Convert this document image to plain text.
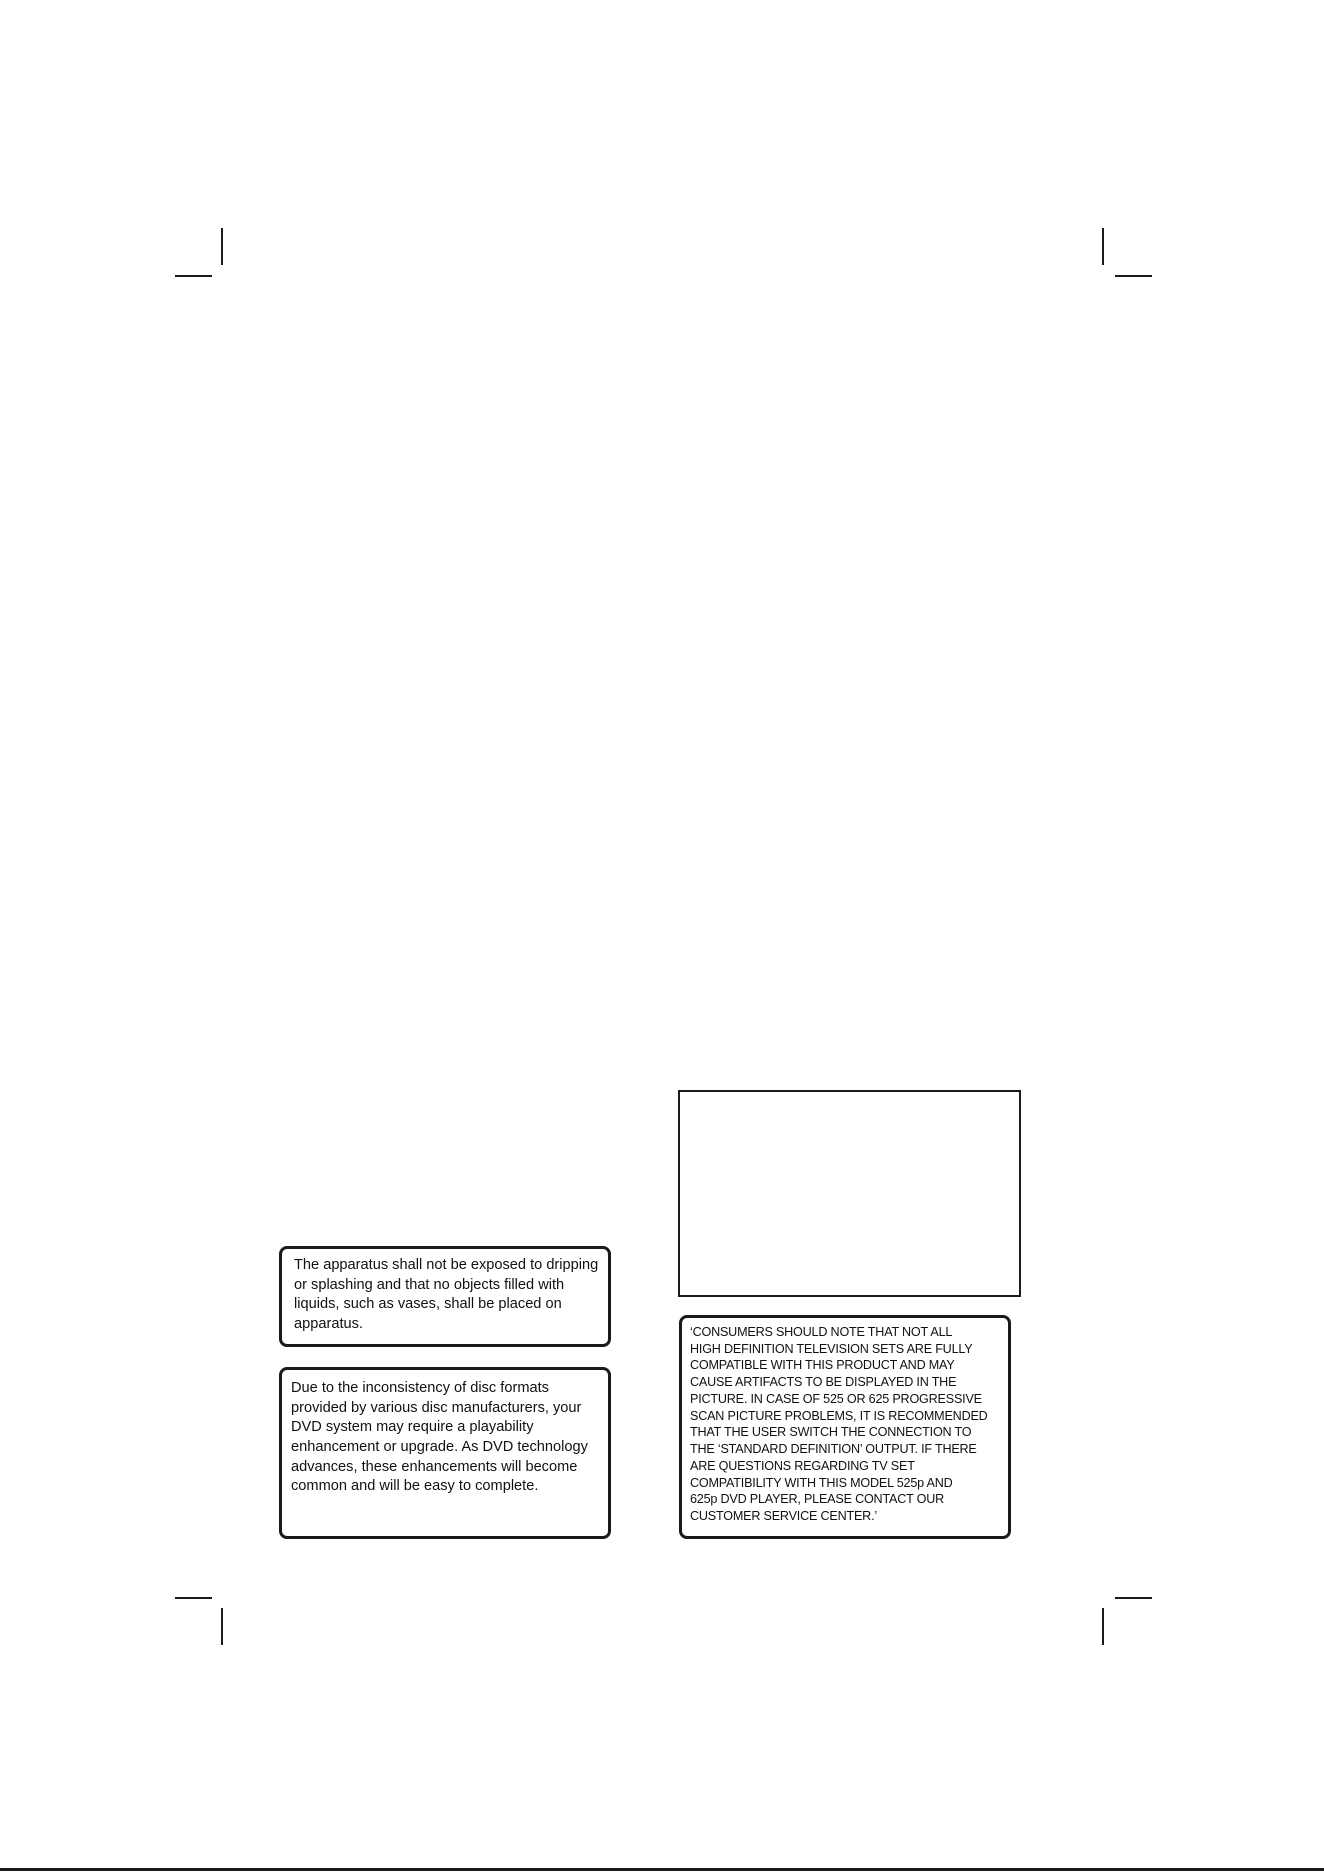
The apparatus shall not be exposed to dripping
or splashing and that no objects filled with
liquids, such as vases, shall be placed on
apparatus.

Due to the inconsistency of disc formats
provided by various disc manufacturers, your
DVD system may require a playability
enhancement or upgrade. As DVD technology
advances, these enhancements will become
common and will be easy to complete.

‘CONSUMERS SHOULD NOTE THAT NOT ALL
HIGH DEFINITION TELEVISION SETS ARE FULLY
COMPATIBLE WITH THIS PRODUCT AND MAY
CAUSE ARTIFACTS TO BE DISPLAYED IN THE
PICTURE. IN CASE OF 525 OR 625 PROGRESSIVE
SCAN PICTURE PROBLEMS, IT IS RECOMMENDED
THAT THE USER SWITCH THE CONNECTION TO
THE ‘STANDARD DEFINITION’ OUTPUT. IF THERE
ARE QUESTIONS REGARDING TV SET
COMPATIBILITY WITH THIS MODEL 525p AND
625p DVD PLAYER, PLEASE CONTACT OUR
CUSTOMER SERVICE CENTER.’
